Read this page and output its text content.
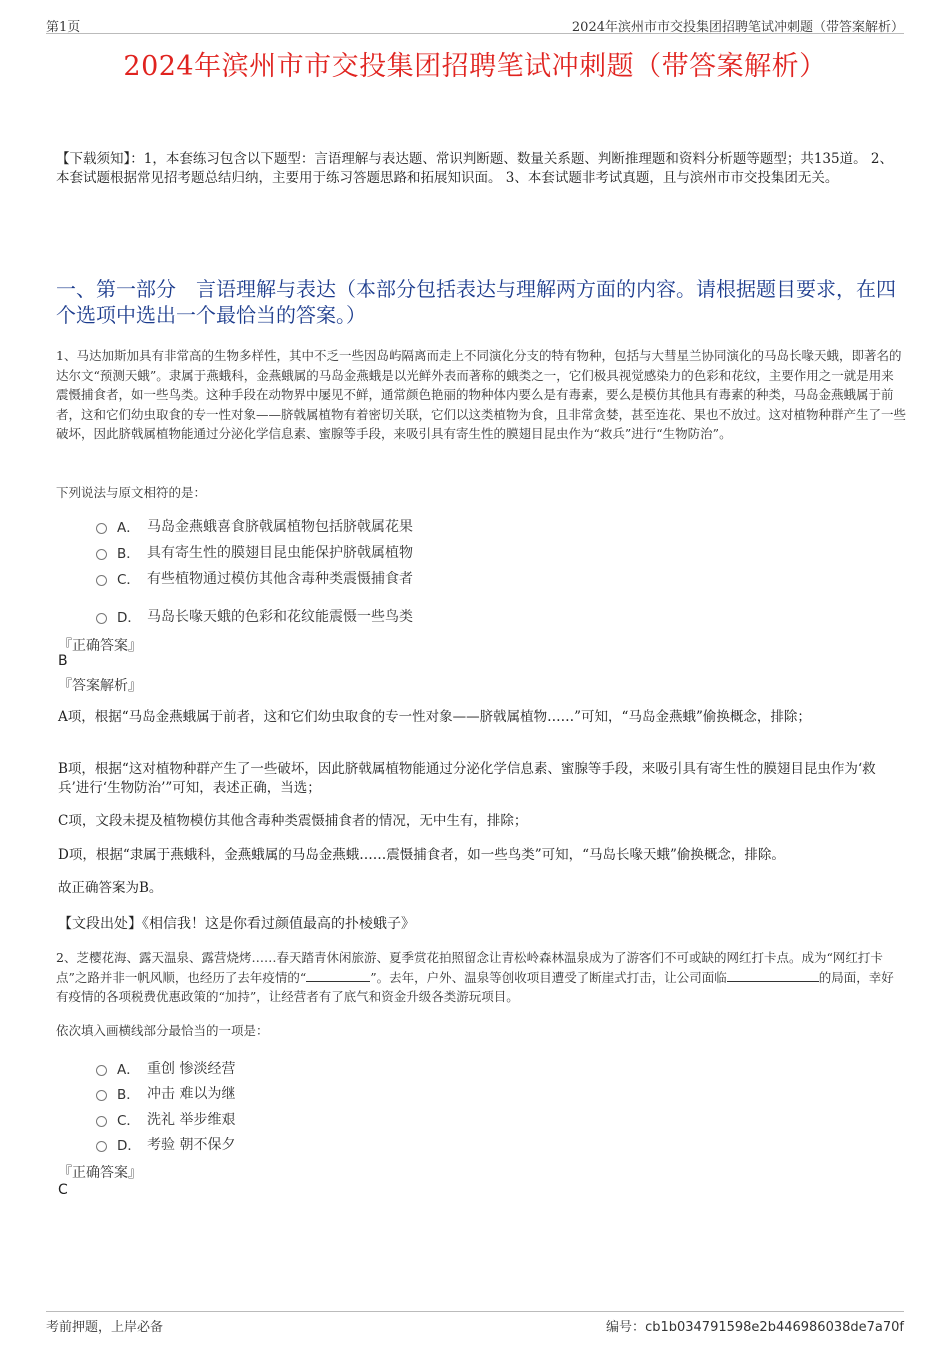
第1页	2024年滨州市市交投集团招聘笔试冲刺题（带答案解析）
2024年滨州市市交投集团招聘笔试冲刺题（带答案解析）
【下载须知】：1，本套练习包含以下题型：言语理解与表达题、常识判断题、数量关系题、判断推理题和资料分析题等题型；共135道。 2、本套试题根据常见招考题总结归纳，主要用于练习答题思路和拓展知识面。 3、本套试题非考试真题，且与滨州市市交投集团无关。
一、第一部分　言语理解与表达（本部分包括表达与理解两方面的内容。请根据题目要求，在四个选项中选出一个最恰当的答案。）
1、马达加斯加具有非常高的生物多样性，其中不乏一些因岛屿隔离而走上不同演化分支的特有物种，包括与大彗星兰协同演化的马岛长喙天蛾，即著名的达尔文“预测天蛾”。隶属于燕蛾科，金燕蛾属的马岛金燕蛾是以光鲜外表而著称的蛾类之一，它们极具视觉感染力的色彩和花纹，主要作用之一就是用来震慑捕食者，如一些鸟类。这种手段在动物界中屡见不鲜，通常颜色艳丽的物种体内要么是有毒素，要么是模仿其他具有毒素的种类，马岛金燕蛾属于前者，这和它们幼虫取食的专一性对象——脐戟属植物有着密切关联，它们以这类植物为食，且非常贪婪，甚至连花、果也不放过。这对植物种群产生了一些破坏，因此脐戟属植物能通过分泌化学信息素、蜜腺等手段，来吸引具有寄生性的膜翅目昆虫作为“救兵”进行“生物防治”。
下列说法与原文相符的是：
A． 马岛金燕蛾喜食脐戟属植物包括脐戟属花果
B． 具有寄生性的膜翅目昆虫能保护脐戟属植物
C． 有些植物通过模仿其他含毒种类震慑捕食者
D． 马岛长喙天蛾的色彩和花纹能震慑一些鸟类
『正确答案』
B
『答案解析』
A项，根据“马岛金燕蛾属于前者，这和它们幼虫取食的专一性对象——脐戟属植物……”可知，“马岛金燕蛾”偷换概念，排除；
B项，根据“这对植物种群产生了一些破坏，因此脐戟属植物能通过分泌化学信息素、蜜腺等手段，来吸引具有寄生性的膜翅目昆虫作为‘救兵’进行‘生物防治’”可知，表述正确，当选；
C项，文段未提及植物模仿其他含毒种类震慑捕食者的情况，无中生有，排除；
D项，根据“隶属于燕蛾科，金燕蛾属的马岛金燕蛾……震慑捕食者，如一些鸟类”可知，“马岛长喙天蛾”偷换概念，排除。
故正确答案为B。
【文段出处】《相信我！这是你看过颜值最高的扑棱蛾子》
2、芝樱花海、露天温泉、露营烧烤……春天踏青休闲旅游、夏季赏花拍照留念让青松岭森林温泉成为了游客们不可或缺的网红打卡点。成为“网红打卡点”之路并非一帆风顺，也经历了去年疫情的“	”。去年，户外、温泉等创收项目遭受了断崖式打击，让公司面临	的局面，幸好有疫情的各项税费优惠政策的“加持”，让经营者有了底气和资金升级各类游玩项目。
依次填入画横线部分最恰当的一项是：
A． 重创 惨淡经营
B． 冲击 难以为继
C． 洗礼 举步维艰
D． 考验 朝不保夕
『正确答案』
C
考前押题，上岸必备	编号：cb1b034791598e2b446986038de7a70f
